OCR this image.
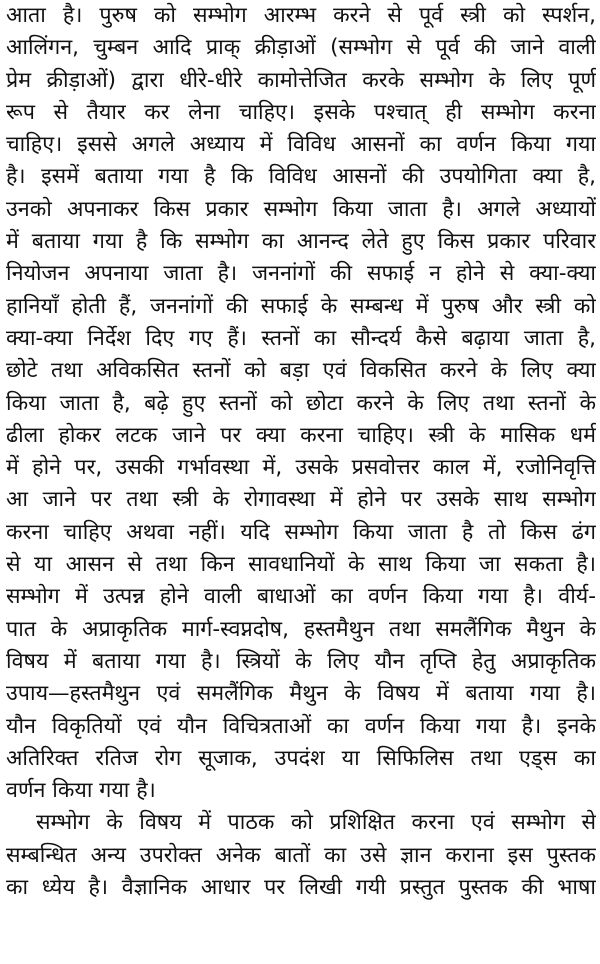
आता है। पुरुष को सम्भोग आरम्भ करने से पूर्व स्त्री को स्पर्शन,
आलिंगन, चुम्बन आदि प्राक् क्रीड़ाओं (सम्भोग से पूर्व की जाने वाली
प्रेम क्रीड़ाओं) द्वारा धीरे-धीरे कामोत्तेजित करके सम्भोग के लिए पूर्ण
रूप से तैयार कर लेना चाहिए। इसके पश्चात् ही सम्भोग करना
चाहिए। इससे अगले अध्याय में विविध आसनों का वर्णन किया गया
है। इसमें बताया गया है कि विविध आसनों की उपयोगिता क्या है,
उनको अपनाकर किस प्रकार सम्भोग किया जाता है। अगले अध्यायों
में बताया गया है कि सम्भोग का आनन्द लेते हुए किस प्रकार परिवार
नियोजन अपनाया जाता है। जननांगों की सफाई न होने से क्या-क्या
हानियाँ होती हैं, जननांगों की सफाई के सम्बन्ध में पुरुष और स्त्री को
क्या-क्या निर्देश दिए गए हैं। स्तनों का सौन्दर्य कैसे बढ़ाया जाता है,
छोटे तथा अविकसित स्तनों को बड़ा एवं विकसित करने के लिए क्या
किया जाता है, बढ़े हुए स्तनों को छोटा करने के लिए तथा स्तनों के
ढीला होकर लटक जाने पर क्या करना चाहिए। स्त्री के मासिक धर्म
में होने पर, उसकी गर्भावस्था में, उसके प्रसवोत्तर काल में, रजोनिवृत्ति
आ जाने पर तथा स्त्री के रोगावस्था में होने पर उसके साथ सम्भोग
करना चाहिए अथवा नहीं। यदि सम्भोग किया जाता है तो किस ढंग
से या आसन से तथा किन सावधानियों के साथ किया जा सकता है।
सम्भोग में उत्पन्न होने वाली बाधाओं का वर्णन किया गया है। वीर्य-
पात के अप्राकृतिक मार्ग-स्वप्नदोष, हस्तमैथुन तथा समलैंगिक मैथुन के
विषय में बताया गया है। स्त्रियों के लिए यौन तृप्ति हेतु अप्राकृतिक
उपाय—हस्तमैथुन एवं समलैंगिक मैथुन के विषय में बताया गया है।
यौन विकृतियों एवं यौन विचित्रताओं का वर्णन किया गया है। इनके
अतिरिक्त रतिज रोग सूजाक, उपदंश या सिफिलिस तथा एड्स का
वर्णन किया गया है।
सम्भोग के विषय में पाठक को प्रशिक्षित करना एवं सम्भोग से
सम्बन्धित अन्य उपरोक्त अनेक बातों का उसे ज्ञान कराना इस पुस्तक
का ध्येय है। वैज्ञानिक आधार पर लिखी गयी प्रस्तुत पुस्तक की भाषा
